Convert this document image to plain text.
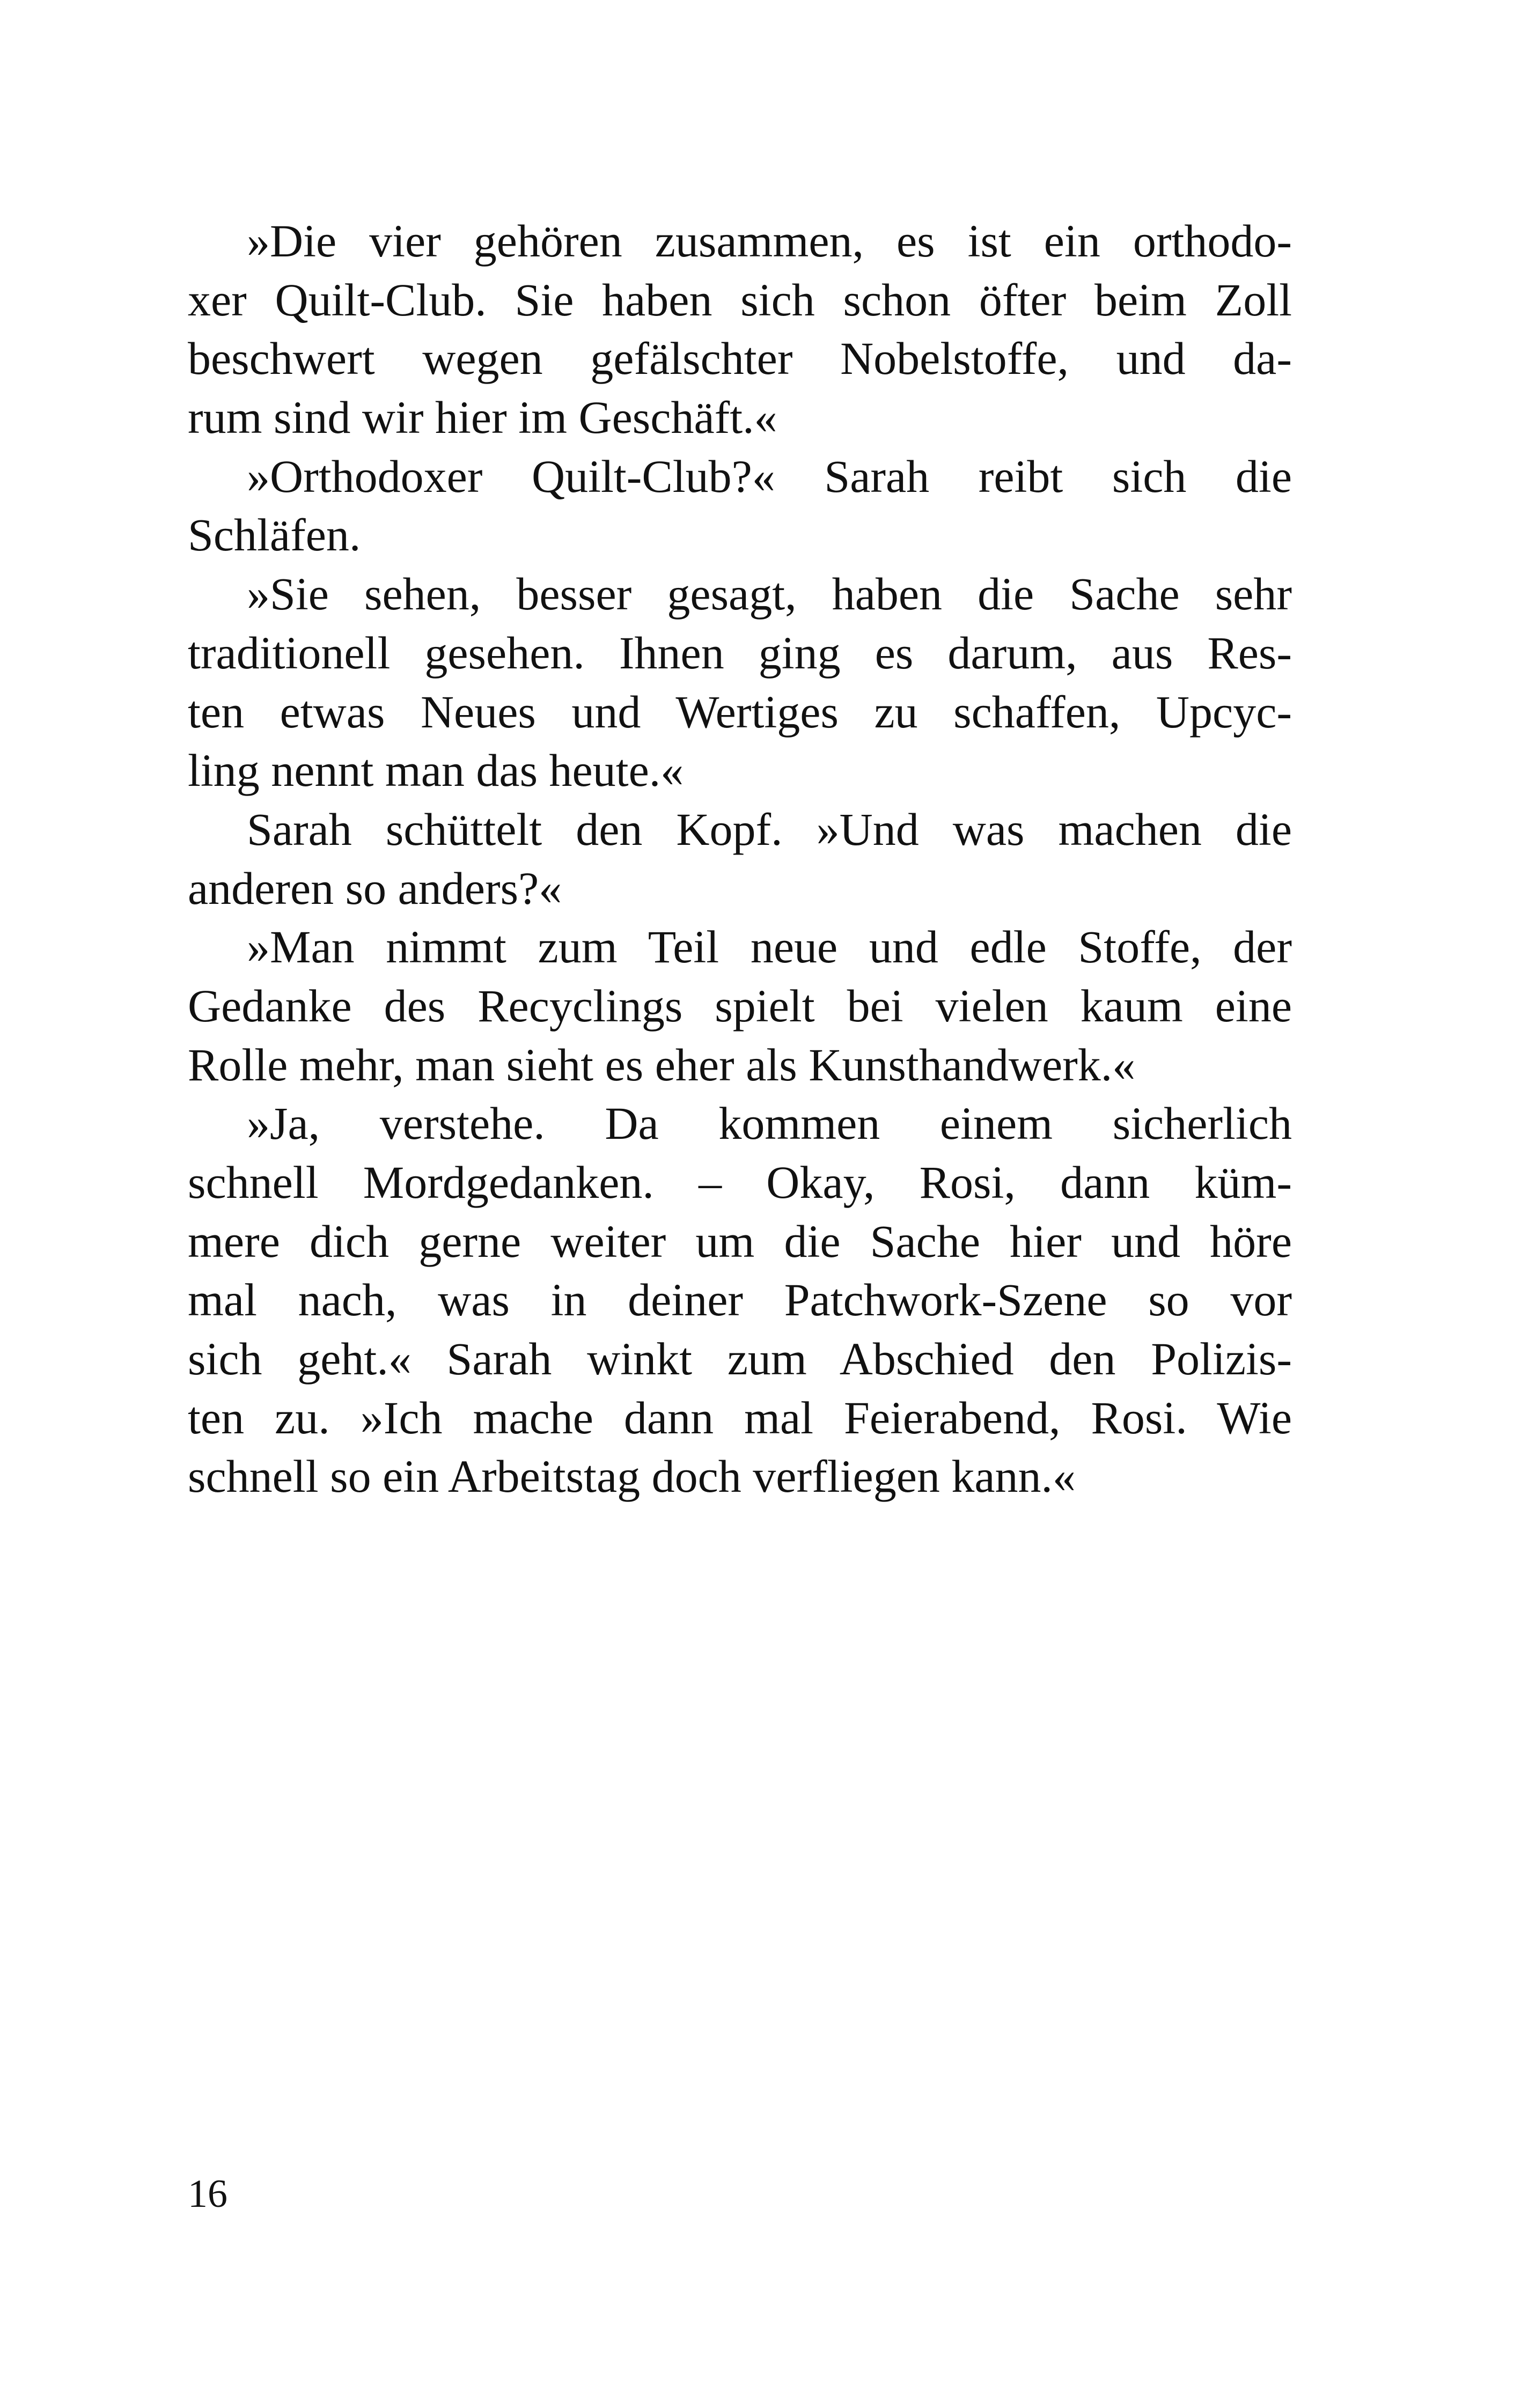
»Die vier gehören zusammen, es ist ein orthodo-
xer Quilt-Club. Sie haben sich schon öfter beim Zoll
beschwert wegen gefälschter Nobelstoffe, und da-
rum sind wir hier im Geschäft.«
»Orthodoxer Quilt-Club?« Sarah reibt sich die
Schläfen.
»Sie sehen, besser gesagt, haben die Sache sehr
traditionell gesehen. Ihnen ging es darum, aus Res-
ten etwas Neues und Wertiges zu schaffen, Upcyc-
ling nennt man das heute.«
Sarah schüttelt den Kopf. »Und was machen die
anderen so anders?«
»Man nimmt zum Teil neue und edle Stoffe, der
Gedanke des Recyclings spielt bei vielen kaum eine
Rolle mehr, man sieht es eher als Kunsthandwerk.«
»Ja, verstehe. Da kommen einem sicherlich
schnell Mordgedanken. – Okay, Rosi, dann küm-
mere dich gerne weiter um die Sache hier und höre
mal nach, was in deiner Patchwork-Szene so vor
sich geht.« Sarah winkt zum Abschied den Polizis-
ten zu. »Ich mache dann mal Feierabend, Rosi. Wie
schnell so ein Arbeitstag doch verfliegen kann.«
16
